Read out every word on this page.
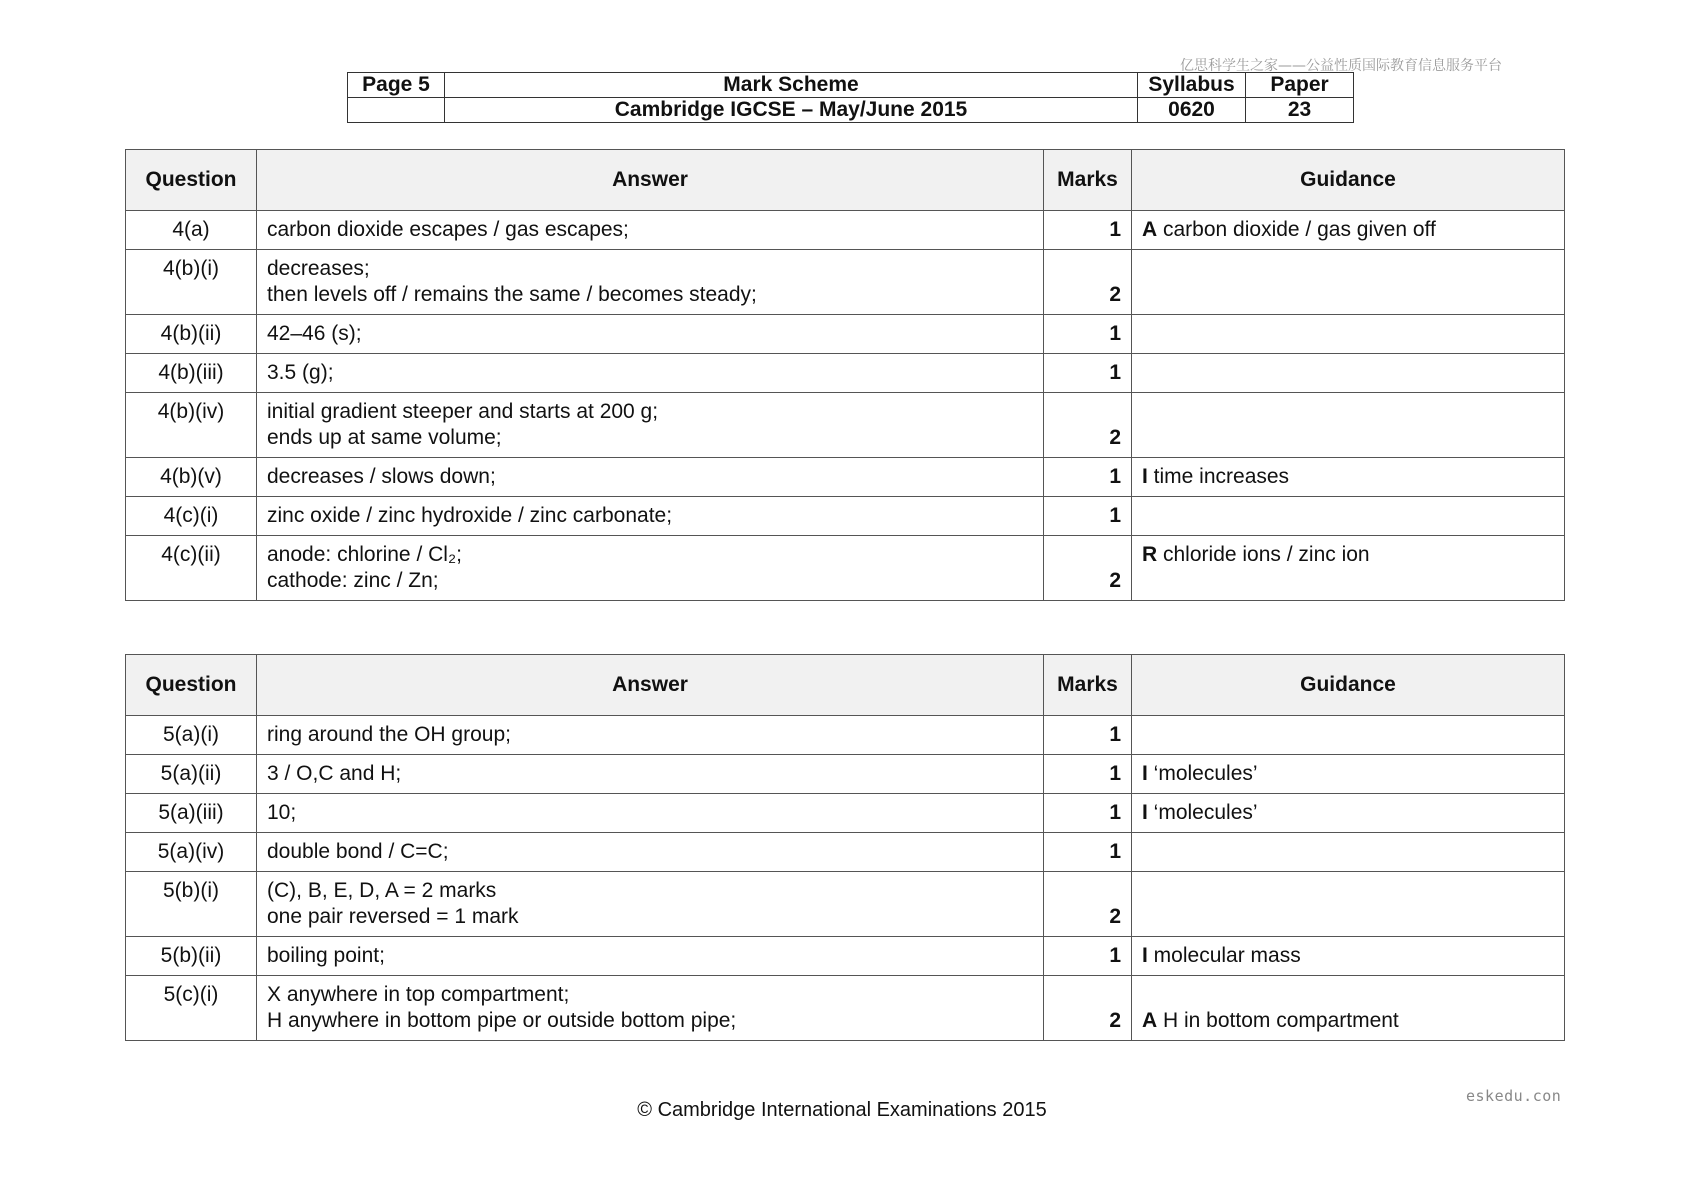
亿思科学生之家——公益性质国际教育信息服务平台
Page 5	Mark Scheme	Syllabus	Paper
	Cambridge IGCSE – May/June 2015	0620	23
Question	Answer	Marks	Guidance
4(a)	carbon dioxide escapes / gas escapes;	1	A carbon dioxide / gas given off
4(b)(i)	decreases;
then levels off / remains the same / becomes steady;	2	
4(b)(ii)	42–46 (s);	1	
4(b)(iii)	3.5 (g);	1	
4(b)(iv)	initial gradient steeper and starts at 200 g;
ends up at same volume;	2	
4(b)(v)	decreases / slows down;	1	I time increases
4(c)(i)	zinc oxide / zinc hydroxide / zinc carbonate;	1	
4(c)(ii)	anode: chlorine / Cl₂;
cathode: zinc / Zn;	2	R chloride ions / zinc ion
Question	Answer	Marks	Guidance
5(a)(i)	ring around the OH group;	1	
5(a)(ii)	3 / O,C and H;	1	I ‘molecules’
5(a)(iii)	10;	1	I ‘molecules’
5(a)(iv)	double bond / C=C;	1	
5(b)(i)	(C), B, E, D, A = 2 marks
one pair reversed = 1 mark	2	
5(b)(ii)	boiling point;	1	I molecular mass
5(c)(i)	X anywhere in top compartment;
H anywhere in bottom pipe or outside bottom pipe;	2	A H in bottom compartment
eskedu.con
© Cambridge International Examinations 2015
